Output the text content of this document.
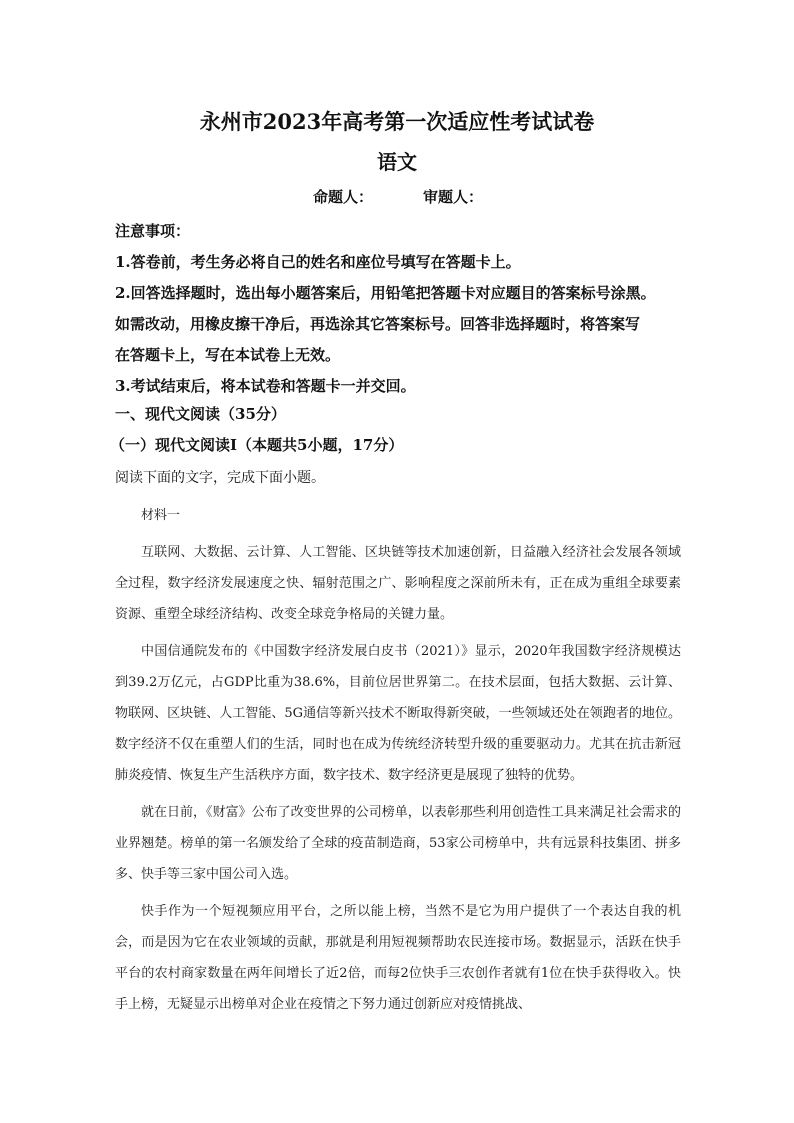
永州市2023年高考第一次适应性考试试卷
语文
命题人：	审题人：
注意事项：
1.答卷前，考生务必将自己的姓名和座位号填写在答题卡上。
2.回答选择题时，选出每小题答案后，用铅笔把答题卡对应题目的答案标号涂黑。
如需改动，用橡皮擦干净后，再选涂其它答案标号。回答非选择题时，将答案写
在答题卡上，写在本试卷上无效。
3.考试结束后，将本试卷和答题卡一并交回。
一、现代文阅读（35分）
（一）现代文阅读Ⅰ（本题共5小题，17分）
阅读下面的文字，完成下面小题。

材料一

互联网、大数据、云计算、人工智能、区块链等技术加速创新，日益融入经济社会发展各领域全过程，数字经济发展速度之快、辐射范围之广、影响程度之深前所未有，正在成为重组全球要素资源、重塑全球经济结构、改变全球竞争格局的关键力量。

中国信通院发布的《中国数字经济发展白皮书（2021）》显示，2020年我国数字经济规模达到39.2万亿元，占GDP比重为38.6%，目前位居世界第二。在技术层面，包括大数据、云计算、物联网、区块链、人工智能、5G通信等新兴技术不断取得新突破，一些领域还处在领跑者的地位。数字经济不仅在重塑人们的生活，同时也在成为传统经济转型升级的重要驱动力。尤其在抗击新冠肺炎疫情、恢复生产生活秩序方面，数字技术、数字经济更是展现了独特的优势。

就在日前，《财富》公布了改变世界的公司榜单，以表彰那些利用创造性工具来满足社会需求的业界翘楚。榜单的第一名颁发给了全球的疫苗制造商，53家公司榜单中，共有远景科技集团、拼多多、快手等三家中国公司入选。

快手作为一个短视频应用平台，之所以能上榜，当然不是它为用户提供了一个表达自我的机会，而是因为它在农业领域的贡献，那就是利用短视频帮助农民连接市场。数据显示，活跃在快手平台的农村商家数量在两年间增长了近2倍，而每2位快手三农创作者就有1位在快手获得收入。快手上榜，无疑显示出榜单对企业在疫情之下努力通过创新应对疫情挑战、
